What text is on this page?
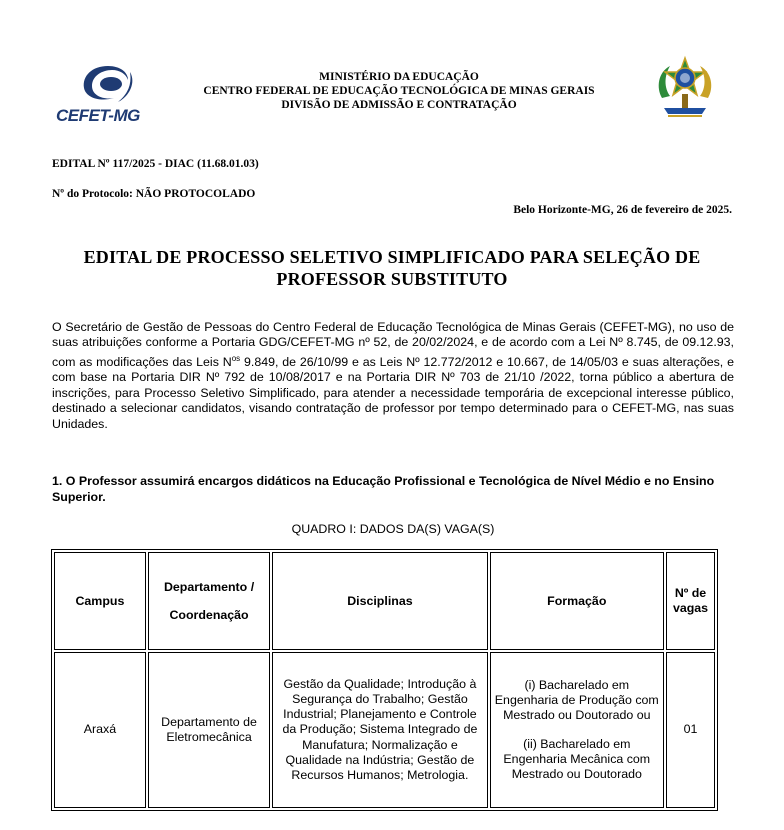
CEFET-MG
MINISTÉRIO DA EDUCAÇÃO
CENTRO FEDERAL DE EDUCAÇÃO TECNOLÓGICA DE MINAS GERAIS
DIVISÃO DE ADMISSÃO E CONTRATAÇÃO
EDITAL Nº 117/2025 - DIAC (11.68.01.03)
Nº do Protocolo: NÃO PROTOCOLADO
Belo Horizonte-MG, 26 de fevereiro de 2025.
EDITAL DE PROCESSO SELETIVO SIMPLIFICADO PARA SELEÇÃO DE
PROFESSOR SUBSTITUTO
O Secretário de Gestão de Pessoas do Centro Federal de Educação Tecnológica de Minas Gerais (CEFET-MG), no uso de suas atribuições conforme a Portaria GDG/CEFET-MG nº 52, de 20/02/2024, e de acordo com a Lei Nº 8.745, de 09.12.93, com as modificações das Leis $N^{os}$ 9.849, de 26/10/99 e as Leis Nº 12.772/2012 e 10.667, de 14/05/03 e suas alterações, e com base na Portaria DIR Nº 792 de 10/08/2017 e na Portaria DIR Nº 703 de 21/10 /2022, torna público a abertura de inscrições, para Processo Seletivo Simplificado, para atender a necessidade temporária de excepcional interesse público, destinado a selecionar candidatos, visando contratação de professor por tempo determinado para o CEFET-MG, nas suas Unidades.
1. O Professor assumirá encargos didáticos na Educação Profissional e Tecnológica de Nível Médio e no Ensino Superior.
QUADRO I: DADOS DA(S) VAGA(S)
Campus	Departamento /
Coordenação	Disciplinas	Formação	Nº de vagas
Araxá	Departamento de Eletromecânica	Gestão da Qualidade; Introdução à Segurança do Trabalho; Gestão Industrial; Planejamento e Controle da Produção; Sistema Integrado de Manufatura; Normalização e Qualidade na Indústria; Gestão de Recursos Humanos; Metrologia.	(i) Bacharelado em Engenharia de Produção com Mestrado ou Doutorado ou
(ii) Bacharelado em Engenharia Mecânica com Mestrado ou Doutorado	01
